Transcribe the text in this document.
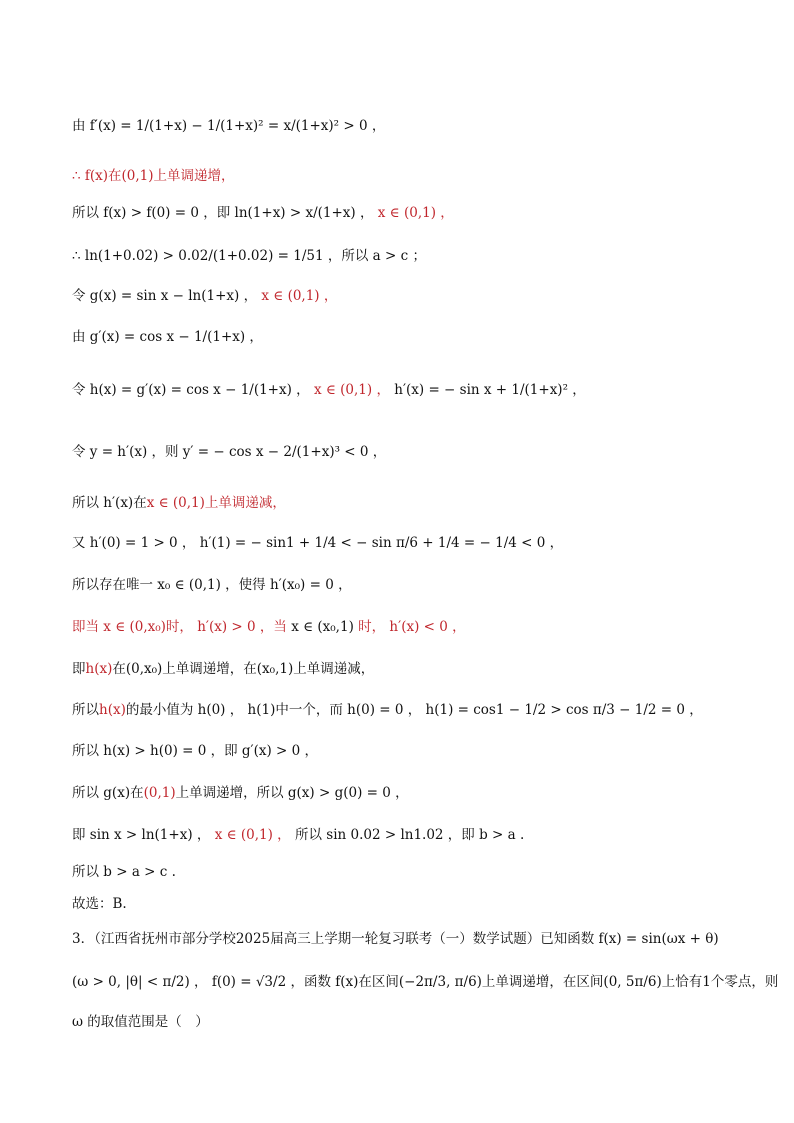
由 f′(x) = 1/(1+x) − 1/(1+x)² = x/(1+x)² > 0 ，
∴ f(x)在(0,1)上单调递增，
所以 f(x) > f(0) = 0 ，即 ln(1+x) > x/(1+x) ， x ∈ (0,1) ，
∴ ln(1+0.02) > 0.02/(1+0.02) = 1/51 ，所以 a > c ；
令 g(x) = sin x − ln(1+x) ， x ∈ (0,1) ，
由 g′(x) = cos x − 1/(1+x) ，
令 h(x) = g′(x) = cos x − 1/(1+x) ， x ∈ (0,1) ， h′(x) = − sin x + 1/(1+x)² ，
令 y = h′(x) ，则 y′ = − cos x − 2/(1+x)³ < 0 ，
所以 h′(x)在x ∈ (0,1)上单调递减，
又 h′(0) = 1 > 0 ， h′(1) = − sin1 + 1/4 < − sin π/6 + 1/4 = − 1/4 < 0 ，
所以存在唯一 x₀ ∈ (0,1) ，使得 h′(x₀) = 0 ，
即当 x ∈ (0,x₀)时， h′(x) > 0 ，当 x ∈ (x₀,1) 时， h′(x) < 0 ，
即h(x)在(0,x₀)上单调递增，在(x₀,1)上单调递减，
所以h(x)的最小值为 h(0) ， h(1)中一个，而 h(0) = 0 ， h(1) = cos1 − 1/2 > cos π/3 − 1/2 = 0 ，
所以 h(x) > h(0) = 0 ，即 g′(x) > 0 ，
所以 g(x)在(0,1)上单调递增，所以 g(x) > g(0) = 0 ，
即 sin x > ln(1+x) ， x ∈ (0,1) ， 所以 sin 0.02 > ln1.02 ，即 b > a .
所以 b > a > c .
故选：B.
3．（江西省抚州市部分学校2025届高三上学期一轮复习联考（一）数学试题）已知函数 f(x) = sin(ωx + θ)
(ω > 0, |θ| < π/2) ， f(0) = √3/2 ，函数 f(x)在区间(−2π/3, π/6)上单调递增，在区间(0, 5π/6)上恰有1个零点，则
ω 的取值范围是（　）
